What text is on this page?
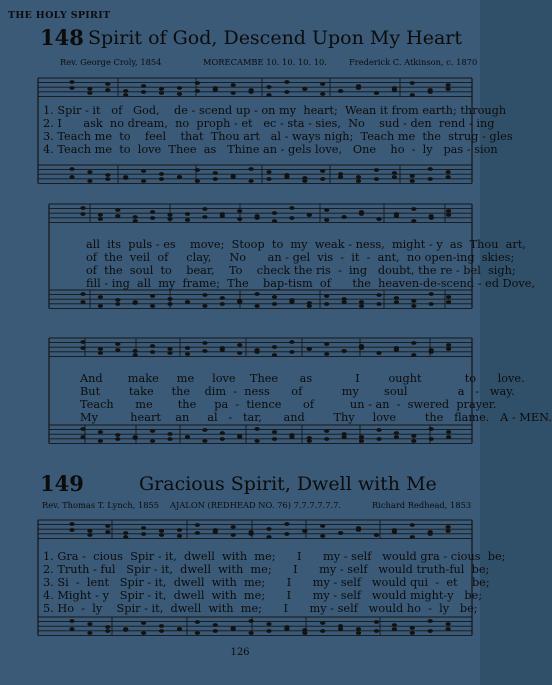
THE HOLY SPIRIT
148 Spirit of God, Descend Upon My Heart
Rev. George Croly, 1854	MORECAMBE 10. 10. 10. 10.	Frederick C. Atkinson, c. 1870
1. Spir - it   of   God,    de - scend up - on my  heart;  Wean it from earth; through
2. I      ask  no dream,  no  proph - et   ec - sta - sies,  No    sud - den  rend - ing
3. Teach me  to    feel    that  Thou art   al - ways nigh;  Teach me  the  strug - gles
4. Teach me  to  love  Thee  as   Thine an - gels love,   One    ho  -  ly   pas - sion
all  its  puls - es    move;  Stoop  to  my  weak - ness,  might - y  as  Thou  art,
of  the  veil  of     clay,     No      an - gel  vis  -  it  -  ant,  no open-ing  skies;
of  the  soul  to    bear,    To    check the ris  -  ing   doubt, the re - bel  sigh;
fill - ing  all  my  frame;  The    bap-tism  of      the  heaven-de-scend - ed Dove,
And       make     me     love    Thee      as            I        ought            to      love.
But        take     the    dim  -  ness      of           my       soul              a   -   way.
Teach      me       the     pa  -  tience      of          un - an  -  swered  prayer.
My         heart    an     al   -   tar,      and        Thy     love        the   flame.   A - MEN.
149	Gracious Spirit, Dwell with Me
Rev. Thomas T. Lynch, 1855 AJALON (REDHEAD NO. 76) 7.7.7.7.7.7.	Richard Redhead, 1853
1. Gra -  cious  Spir - it,  dwell  with  me;      I      my - self   would gra - cious  be;
2. Truth - ful   Spir - it,  dwell  with  me;      I      my - self   would truth-ful  be;
3. Si  -  lent   Spir - it,  dwell  with  me;      I      my - self   would qui  -  et    be;
4. Might - y   Spir - it,  dwell  with  me;      I      my - self   would might-y   be;
5. Ho  -  ly    Spir - it,  dwell  with  me;      I      my - self   would ho  -  ly   be;
126
